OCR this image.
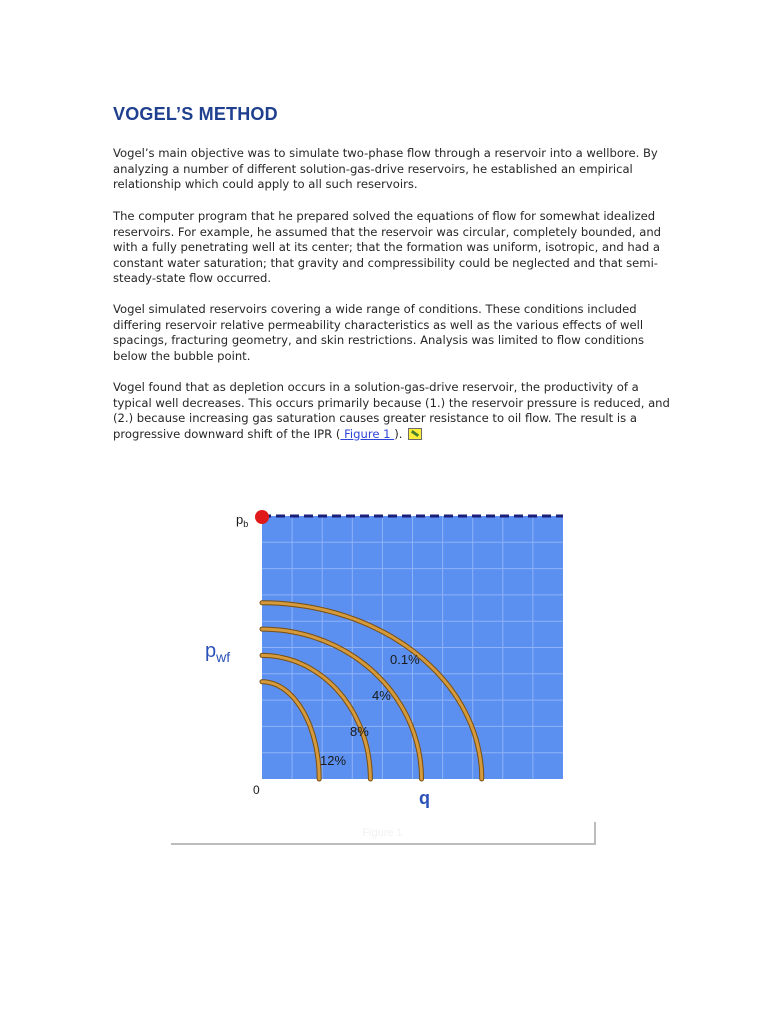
VOGEL’S METHOD

Vogel’s main objective was to simulate two-phase flow through a reservoir into a wellbore. By analyzing a number of different solution-gas-drive reservoirs, he established an empirical relationship which could apply to all such reservoirs.

The computer program that he prepared solved the equations of flow for somewhat idealized reservoirs. For example, he assumed that the reservoir was circular, completely bounded, and with a fully penetrating well at its center; that the formation was uniform, isotropic, and had a constant water saturation; that gravity and compressibility could be neglected and that semi-steady-state flow occurred.

Vogel simulated reservoirs covering a wide range of conditions. These conditions included differing reservoir relative permeability characteristics as well as the various effects of well spacings, fracturing geometry, and skin restrictions. Analysis was limited to flow conditions below the bubble point.

Vogel found that as depletion occurs in a solution-gas-drive reservoir, the productivity of a typical well decreases. This occurs primarily because (1.) the reservoir pressure is reduced, and (2.) because increasing gas saturation causes greater resistance to oil flow. The result is a progressive downward shift of the IPR ( Figure 1 ).

0.1%
4%
8%
12%
$p_b$
$p_{wf}$
q
0
Figure 1
